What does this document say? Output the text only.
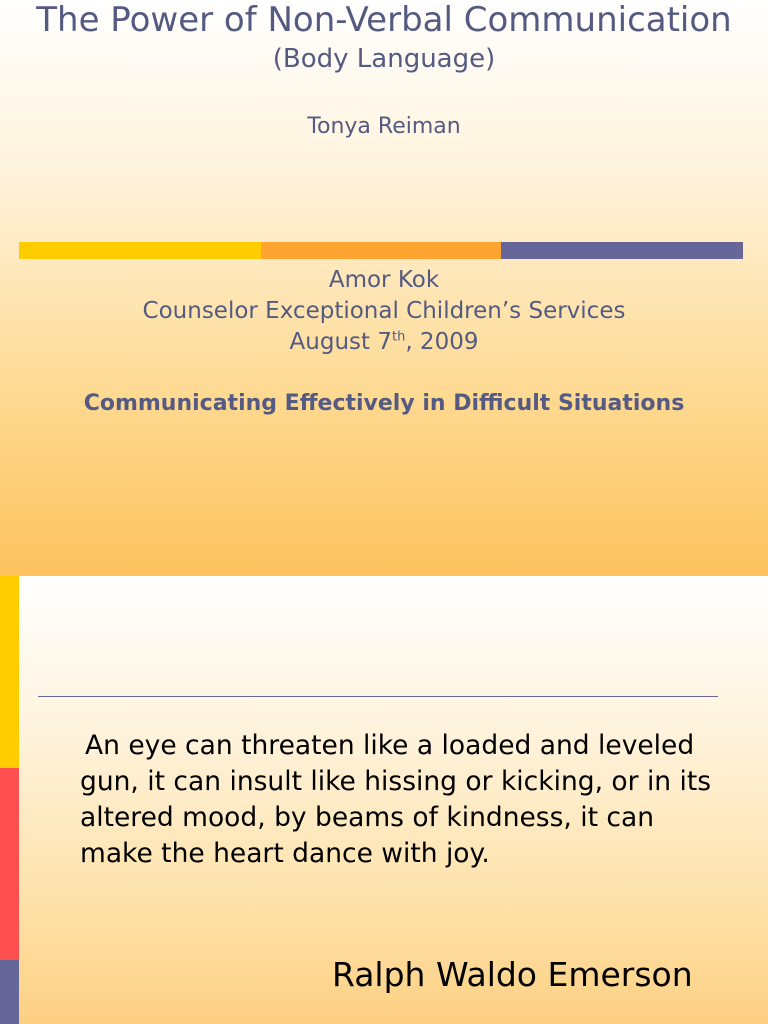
The Power of Non-Verbal Communication
(Body Language)
Tonya Reiman
Amor Kok
Counselor Exceptional Children’s Services
August 7th, 2009
Communicating Effectively in Difficult Situations
An eye can threaten like a loaded and leveled gun, it can insult like hissing or kicking, or in its altered mood, by beams of kindness, it can make the heart dance with joy.
Ralph Waldo Emerson
